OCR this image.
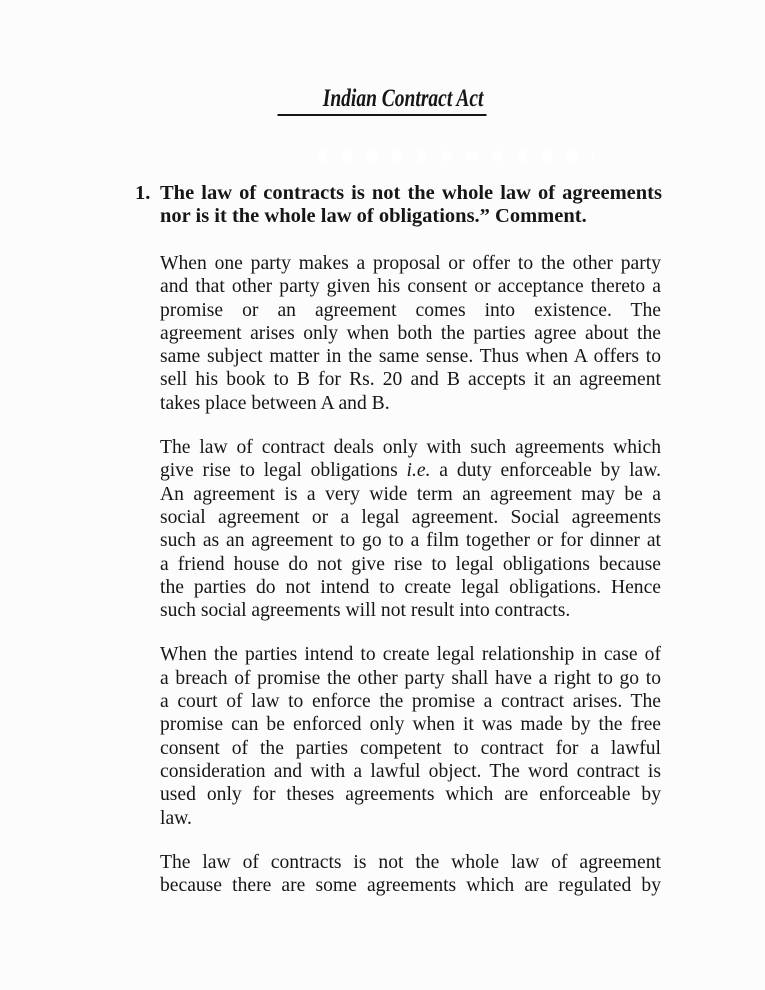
Indian Contract Act
1. The law of contracts is not the whole law of agreements
nor is it the whole law of obligations.” Comment.
When one party makes a proposal or offer to the other party
and that other party given his consent or acceptance thereto a
promise or an agreement comes into existence. The
agreement arises only when both the parties agree about the
same subject matter in the same sense. Thus when A offers to
sell his book to B for Rs. 20 and B accepts it an agreement
takes place between A and B.
The law of contract deals only with such agreements which
give rise to legal obligations i.e. a duty enforceable by law.
An agreement is a very wide term an agreement may be a
social agreement or a legal agreement. Social agreements
such as an agreement to go to a film together or for dinner at
a friend house do not give rise to legal obligations because
the parties do not intend to create legal obligations. Hence
such social agreements will not result into contracts.
When the parties intend to create legal relationship in case of
a breach of promise the other party shall have a right to go to
a court of law to enforce the promise a contract arises. The
promise can be enforced only when it was made by the free
consent of the parties competent to contract for a lawful
consideration and with a lawful object. The word contract is
used only for theses agreements which are enforceable by
law.
The law of contracts is not the whole law of agreement
because there are some agreements which are regulated by
